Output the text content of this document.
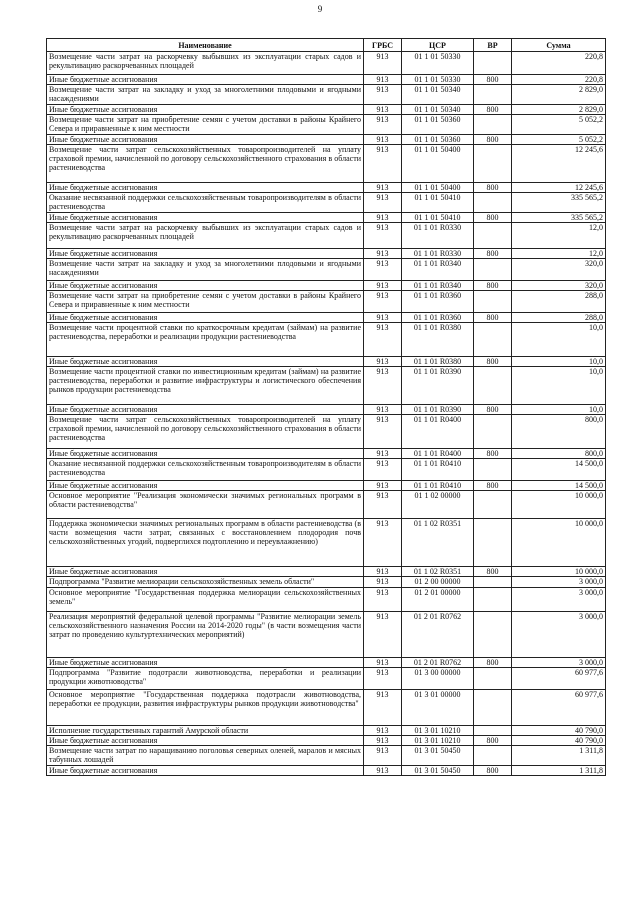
9
Наименование	ГРБС	ЦСР	ВР	Сумма
Возмещение части затрат на раскорчевку выбывших из эксплуатации старых садов и рекультивацию раскорчеванных площадей	913	01 1 01 50330		220,8
Иные бюджетные ассигнования	913	01 1 01 50330	800	220,8
Возмещение части затрат на закладку и уход за многолетними плодовыми и ягодными насаждениями	913	01 1 01 50340		2 829,0
Иные бюджетные ассигнования	913	01 1 01 50340	800	2 829,0
Возмещение части затрат на приобретение семян с учетом доставки в районы Крайнего Севера и приравненные к ним местности	913	01 1 01 50360		5 052,2
Иные бюджетные ассигнования	913	01 1 01 50360	800	5 052,2
Возмещение части затрат сельскохозяйственных товаропроизводителей на уплату страховой премии, начисленной по договору сельскохозяйственного страхования в области растениеводства	913	01 1 01 50400		12 245,6
Иные бюджетные ассигнования	913	01 1 01 50400	800	12 245,6
Оказание несвязанной поддержки сельскохозяйственным товаропроизводителям в области растениеводства	913	01 1 01 50410		335 565,2
Иные бюджетные ассигнования	913	01 1 01 50410	800	335 565,2
Возмещение части затрат на раскорчевку выбывших из эксплуатации старых садов и рекультивацию раскорчеванных площадей	913	01 1 01 R0330		12,0
Иные бюджетные ассигнования	913	01 1 01 R0330	800	12,0
Возмещение части затрат на закладку и уход за многолетними плодовыми и ягодными насаждениями	913	01 1 01 R0340		320,0
Иные бюджетные ассигнования	913	01 1 01 R0340	800	320,0
Возмещение части затрат на приобретение семян с учетом доставки в районы Крайнего Севера и приравненные к ним местности	913	01 1 01 R0360		288,0
Иные бюджетные ассигнования	913	01 1 01 R0360	800	288,0
Возмещение части процентной ставки по краткосрочным кредитам (займам) на развитие растениеводства, переработки и реализации продукции растениеводства	913	01 1 01 R0380		10,0
Иные бюджетные ассигнования	913	01 1 01 R0380	800	10,0
Возмещение части процентной ставки по инвестиционным кредитам (займам) на развитие растениеводства, переработки и развитие инфраструктуры и логистического обеспечения рынков продукции растениеводства	913	01 1 01 R0390		10,0
Иные бюджетные ассигнования	913	01 1 01 R0390	800	10,0
Возмещение части затрат сельскохозяйственных товаропроизводителей на уплату страховой премии, начисленной по договору сельскохозяйственного страхования в области растениеводства	913	01 1 01 R0400		800,0
Иные бюджетные ассигнования	913	01 1 01 R0400	800	800,0
Оказание несвязанной поддержки сельскохозяйственным товаропроизводителям в области растениеводства	913	01 1 01 R0410		14 500,0
Иные бюджетные ассигнования	913	01 1 01 R0410	800	14 500,0
Основное мероприятие "Реализация экономически значимых региональных программ в области растениеводства"	913	01 1 02 00000		10 000,0
Поддержка экономически значимых региональных программ в области растениеводства (в части возмещения части затрат, связанных с восстановлением плодородия почв сельскохозяйственных угодий, подверглихся подтоплению и переувлажнению)	913	01 1 02 R0351		10 000,0
Иные бюджетные ассигнования	913	01 1 02 R0351	800	10 000,0
Подпрограмма "Развитие мелиорации сельскохозяйственных земель области"	913	01 2 00 00000		3 000,0
Основное мероприятие "Государственная поддержка мелиорации сельскохозяйственных земель"	913	01 2 01 00000		3 000,0
Реализация мероприятий федеральной целевой программы "Развитие мелиорации земель сельскохозяйственного назначения России на 2014-2020 годы" (в части возмещения части затрат по проведению культуртехнических мероприятий)	913	01 2 01 R0762		3 000,0
Иные бюджетные ассигнования	913	01 2 01 R0762	800	3 000,0
Подпрограмма "Развитие подотрасли животноводства, переработки и реализации продукции животноводства"	913	01 3 00 00000		60 977,6
Основное мероприятие "Государственная поддержка подотрасли животноводства, переработки ее продукции, развития инфраструктуры рынков продукции животноводства"	913	01 3 01 00000		60 977,6
Исполнение государственных гарантий Амурской области	913	01 3 01 10210		40 790,0
Иные бюджетные ассигнования	913	01 3 01 10210	800	40 790,0
Возмещение части затрат по наращиванию поголовья северных оленей, маралов и мясных табунных лошадей	913	01 3 01 50450		1 311,8
Иные бюджетные ассигнования	913	01 3 01 50450	800	1 311,8
